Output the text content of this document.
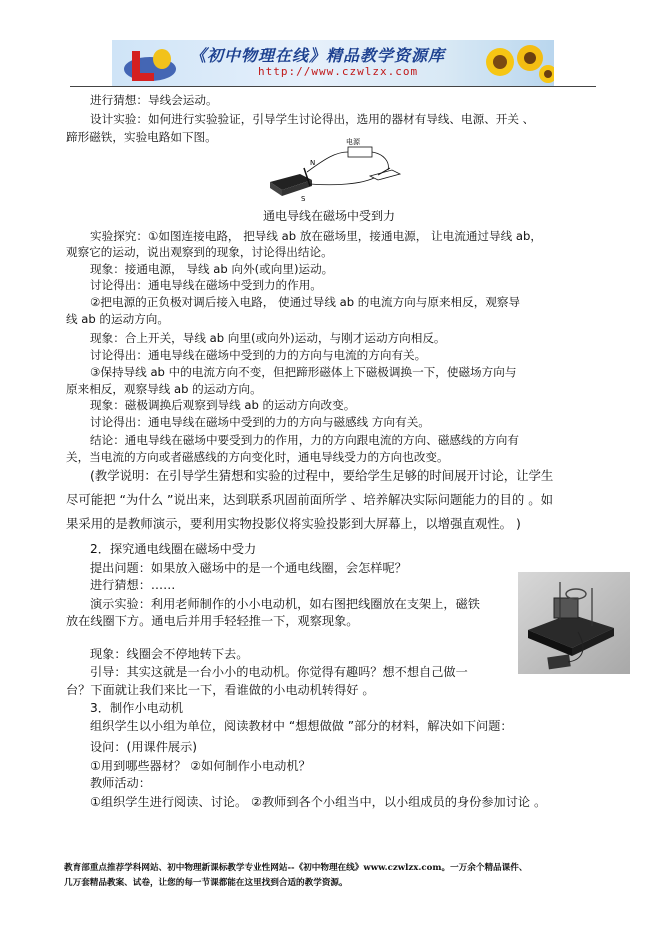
《初中物理在线》精品教学资源库
http://www.czwlzx.com
N
S
电源
通电导线在磁场中受到力
进行猜想：导线会运动。
设计实验：如何进行实验验证，引导学生讨论得出，选用的器材有导线、电源、开关 、
蹄形磁铁，实验电路如下图。
实验探究：①如图连接电路， 把导线 ab 放在磁场里，接通电源， 让电流通过导线 ab，
观察它的运动，说出观察到的现象，讨论得出结论。
现象：接通电源， 导线 ab 向外(或向里)运动。
讨论得出：通电导线在磁场中受到力的作用。
②把电源的正负极对调后接入电路， 使通过导线 ab 的电流方向与原来相反，观察导
线 ab 的运动方向。
现象：合上开关，导线 ab 向里(或向外)运动，与刚才运动方向相反。
讨论得出：通电导线在磁场中受到的力的方向与电流的方向有关。
③保持导线 ab 中的电流方向不变，但把蹄形磁体上下磁极调换一下，使磁场方向与
原来相反，观察导线 ab 的运动方向。
现象：磁极调换后观察到导线 ab 的运动方向改变。
讨论得出：通电导线在磁场中受到的力的方向与磁感线 方向有关。
结论：通电导线在磁场中要受到力的作用，力的方向跟电流的方向、磁感线的方向有
关，当电流的方向或者磁感线的方向变化时，通电导线受力的方向也改变。
(教学说明：在引导学生猜想和实验的过程中，要给学生足够的时间展开讨论，让学生
尽可能把 “为什么 ”说出来，达到联系巩固前面所学 、培养解决实际问题能力的目的 。如
果采用的是教师演示，要利用实物投影仪将实验投影到大屏幕上，以增强直观性。 )
2．探究通电线圈在磁场中受力
提出问题：如果放入磁场中的是一个通电线圈，会怎样呢？
进行猜想：……
演示实验：利用老师制作的小小电动机，如右图把线圈放在支架上，磁铁
放在线圈下方。通电后并用手轻轻推一下，观察现象。
现象：线圈会不停地转下去。
引导：其实这就是一台小小的电动机。你觉得有趣吗？想不想自己做一
台？下面就让我们来比一下，看谁做的小电动机转得好 。
3．制作小电动机
组织学生以小组为单位，阅读教材中 “想想做做 ”部分的材料，解决如下问题：
设问：(用课件展示)
①用到哪些器材？ ②如何制作小电动机？
教师活动：
①组织学生进行阅读、讨论。 ②教师到各个小组当中，以小组成员的身份参加讨论 。
教育部重点推荐学科网站、初中物理新课标教学专业性网站--《初中物理在线》www.czwlzx.com。一万余个精品课件、
几万套精品教案、试卷，让您的每一节课都能在这里找到合适的教学资源。
